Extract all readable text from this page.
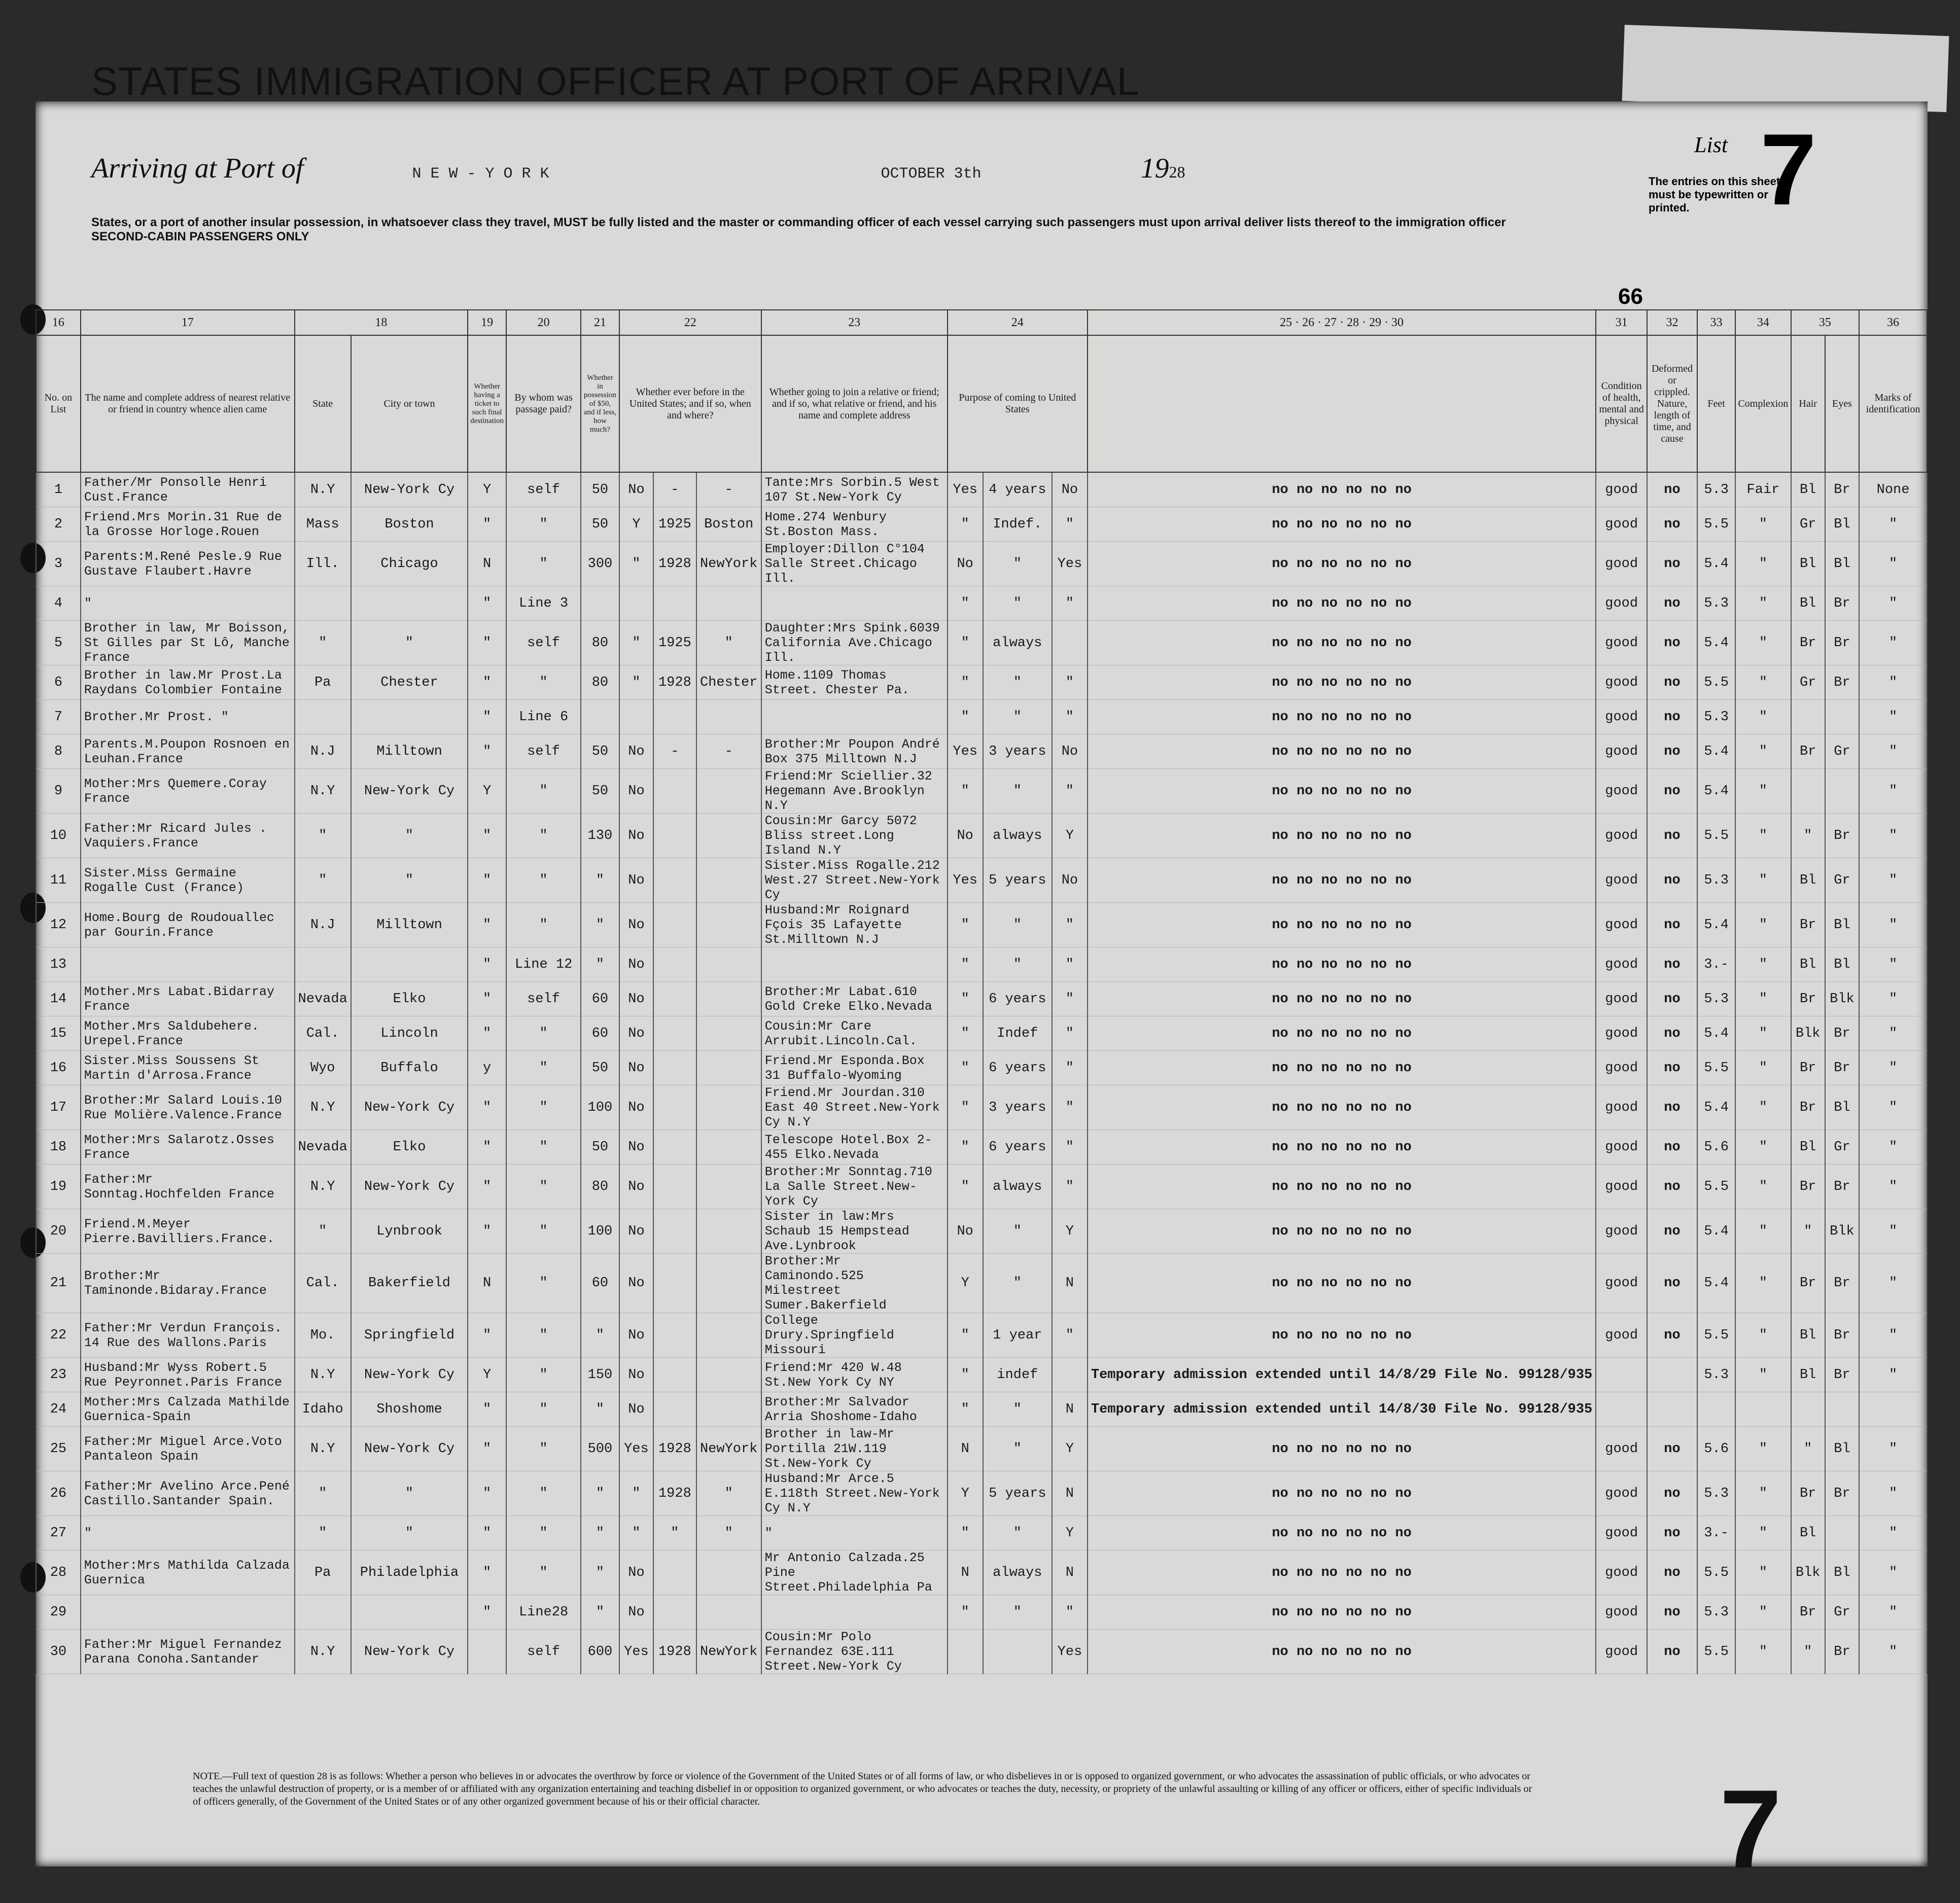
STATES IMMIGRATION OFFICER AT PORT OF ARRIVAL
States, or a port of another insular possession, in whatsoever class they travel, MUST be fully listed and the master or commanding officer of each vessel carrying such passengers must upon arrival deliver lists thereof to the immigration officer
SECOND-CABIN PASSENGERS ONLY
Arriving at Port of	N E W - Y O R K	OCTOBER 3th	1928
List 7
The entries on this sheet must be typewritten or printed.
66
16	17	18		19	20	21	22			23	24			25 · 26 · 27 · 28 · 29 · 30	31	32	33	34	35		36
No. on List	The name and complete address of nearest relative or friend in country whence alien came	State	City or town	Whether having a ticket to such final destination	By whom was passage paid?	Whether in possession of $50, and if less, how much?	Whether ever before in the United States; and if so, when and where?			Whether going to join a relative or friend; and if so, what relative or friend, and his name and complete address	Purpose of coming to United States				Condition of health, mental and physical	Deformed or crippled. Nature, length of time, and cause	Feet	Complexion	Hair	Eyes	Marks of identification
1	Father/Mr Ponsolle Henri Cust.France	N.Y	New-York Cy	Y	self	50	No	-	-	Tante:Mrs Sorbin.5 West 107 St.New-York Cy	Yes	4 years	No	no no no no no no	good	no	5.3	Fair	Bl	Br	None
2	Friend.Mrs Morin.31 Rue de la Grosse Horloge.Rouen	Mass	Boston	"	"	50	Y	1925	Boston	Home.274 Wenbury St.Boston Mass.	"	Indef.	"	no no no no no no	good	no	5.5	"	Gr	Bl	"
3	Parents:M.René Pesle.9 Rue Gustave Flaubert.Havre	Ill.	Chicago	N	"	300	"	1928	NewYork	Employer:Dillon C°104 Salle Street.Chicago Ill.	No	"	Yes	no no no no no no	good	no	5.4	"	Bl	Bl	"
4	"			"	Line 3						"	"	"	no no no no no no	good	no	5.3	"	Bl	Br	"
5	Brother in law, Mr Boisson, St Gilles par St Lô, Manche France	"	"	"	self	80	"	1925	"	Daughter:Mrs Spink.6039 California Ave.Chicago Ill.	"	always		no no no no no no	good	no	5.4	"	Br	Br	"
6	Brother in law.Mr Prost.La Raydans Colombier Fontaine	Pa	Chester	"	"	80	"	1928	Chester	Home.1109 Thomas Street. Chester Pa.	"	"	"	no no no no no no	good	no	5.5	"	Gr	Br	"
7	Brother.Mr Prost. "			"	Line 6						"	"	"	no no no no no no	good	no	5.3	"			"
8	Parents.M.Poupon Rosnoen en Leuhan.France	N.J	Milltown	"	self	50	No	-	-	Brother:Mr Poupon André Box 375 Milltown N.J	Yes	3 years	No	no no no no no no	good	no	5.4	"	Br	Gr	"
9	Mother:Mrs Quemere.Coray France	N.Y	New-York Cy	Y	"	50	No			Friend:Mr Sciellier.32 Hegemann Ave.Brooklyn N.Y	"	"	"	no no no no no no	good	no	5.4	"			"
10	Father:Mr Ricard Jules . Vaquiers.France	"	"	"	"	130	No			Cousin:Mr Garcy 5072 Bliss street.Long Island N.Y	No	always	Y	no no no no no no	good	no	5.5	"	"	Br	"
11	Sister.Miss Germaine Rogalle Cust (France)	"	"	"	"	"	No			Sister.Miss Rogalle.212 West.27 Street.New-York Cy	Yes	5 years	No	no no no no no no	good	no	5.3	"	Bl	Gr	"
12	Home.Bourg de Roudouallec par Gourin.France	N.J	Milltown	"	"	"	No			Husband:Mr Roignard Fçois 35 Lafayette St.Milltown N.J	"	"	"	no no no no no no	good	no	5.4	"	Br	Bl	"
13				"	Line 12	"	No				"	"	"	no no no no no no	good	no	3.-	"	Bl	Bl	"
14	Mother.Mrs Labat.Bidarray France	Nevada	Elko	"	self	60	No			Brother:Mr Labat.610 Gold Creke Elko.Nevada	"	6 years	"	no no no no no no	good	no	5.3	"	Br	Blk	"
15	Mother.Mrs Saldubehere. Urepel.France	Cal.	Lincoln	"	"	60	No			Cousin:Mr Care Arrubit.Lincoln.Cal.	"	Indef	"	no no no no no no	good	no	5.4	"	Blk	Br	"
16	Sister.Miss Soussens St Martin d'Arrosa.France	Wyo	Buffalo	y	"	50	No			Friend.Mr Esponda.Box 31 Buffalo-Wyoming	"	6 years	"	no no no no no no	good	no	5.5	"	Br	Br	"
17	Brother:Mr Salard Louis.10 Rue Molière.Valence.France	N.Y	New-York Cy	"	"	100	No			Friend.Mr Jourdan.310 East 40 Street.New-York Cy N.Y	"	3 years	"	no no no no no no	good	no	5.4	"	Br	Bl	"
18	Mother:Mrs Salarotz.Osses France	Nevada	Elko	"	"	50	No			Telescope Hotel.Box 2-455 Elko.Nevada	"	6 years	"	no no no no no no	good	no	5.6	"	Bl	Gr	"
19	Father:Mr Sonntag.Hochfelden France	N.Y	New-York Cy	"	"	80	No			Brother:Mr Sonntag.710 La Salle Street.New-York Cy	"	always	"	no no no no no no	good	no	5.5	"	Br	Br	"
20	Friend.M.Meyer Pierre.Bavilliers.France.	"	Lynbrook	"	"	100	No			Sister in law:Mrs Schaub 15 Hempstead Ave.Lynbrook	No	"	Y	no no no no no no	good	no	5.4	"	"	Blk	"
21	Brother:Mr Taminonde.Bidaray.France	Cal.	Bakerfield	N	"	60	No			Brother:Mr Caminondo.525 Milestreet Sumer.Bakerfield	Y	"	N	no no no no no no	good	no	5.4	"	Br	Br	"
22	Father:Mr Verdun François. 14 Rue des Wallons.Paris	Mo.	Springfield	"	"	"	No			College Drury.Springfield Missouri	"	1 year	"	no no no no no no	good	no	5.5	"	Bl	Br	"
23	Husband:Mr Wyss Robert.5 Rue Peyronnet.Paris France	N.Y	New-York Cy	Y	"	150	No			Friend:Mr 420 W.48 St.New York Cy NY	"	indef		Temporary admission extended until 14/8/29 File No. 99128/935			5.3	"	Bl	Br	"
24	Mother:Mrs Calzada Mathilde Guernica-Spain	Idaho	Shoshome	"	"	"	No			Brother:Mr Salvador Arria Shoshome-Idaho	"	"	N	Temporary admission extended until 14/8/30 File No. 99128/935							
25	Father:Mr Miguel Arce.Voto Pantaleon Spain	N.Y	New-York Cy	"	"	500	Yes	1928	NewYork	Brother in law-Mr Portilla 21W.119 St.New-York Cy	N	"	Y	no no no no no no	good	no	5.6	"	"	Bl	"
26	Father:Mr Avelino Arce.Pené Castillo.Santander Spain.	"	"	"	"	"	"	1928	"	Husband:Mr Arce.5 E.118th Street.New-York Cy N.Y	Y	5 years	N	no no no no no no	good	no	5.3	"	Br	Br	"
27	"	"	"	"	"	"	"	"	"	"	"	"	Y	no no no no no no	good	no	3.-	"	Bl		"
28	Mother:Mrs Mathilda Calzada Guernica	Pa	Philadelphia	"	"	"	No			Mr Antonio Calzada.25 Pine Street.Philadelphia Pa	N	always	N	no no no no no no	good	no	5.5	"	Blk	Bl	"
29				"	Line28	"	No				"	"	"	no no no no no no	good	no	5.3	"	Br	Gr	"
30	Father:Mr Miguel Fernandez Parana Conoha.Santander	N.Y	New-York Cy		self	600	Yes	1928	NewYork	Cousin:Mr Polo Fernandez 63E.111 Street.New-York Cy			Yes	no no no no no no	good	no	5.5	"	"	Br	"
NOTE.—Full text of question 28 is as follows: Whether a person who believes in or advocates the overthrow by force or violence of the Government of the United States or of all forms of law, or who disbelieves in or is opposed to organized government, or who advocates the assassination of public officials, or who advocates or teaches the unlawful destruction of property, or is a member of or affiliated with any organization entertaining and teaching disbelief in or opposition to organized government, or who advocates or teaches the duty, necessity, or propriety of the unlawful assaulting or killing of any officer or officers, either of specific individuals or of officers generally, of the Government of the United States or of any other organized government because of his or their official character.	7
